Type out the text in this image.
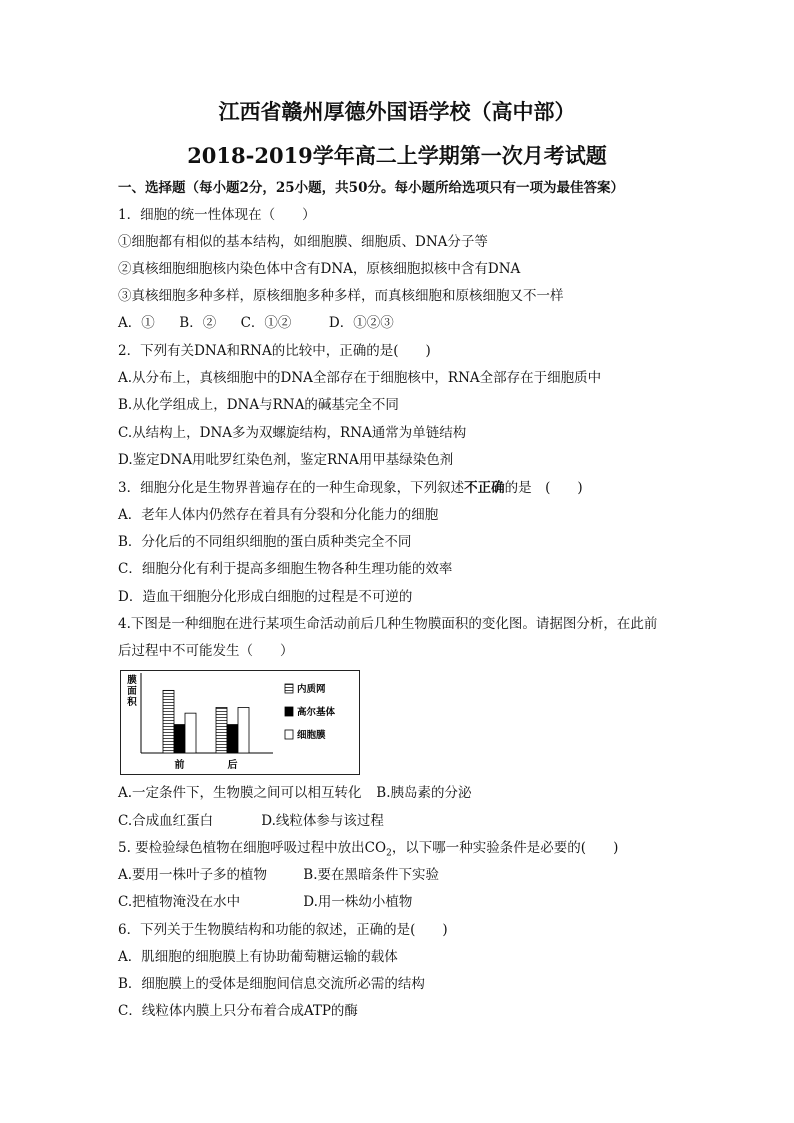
江西省赣州厚德外国语学校（高中部）
2018-2019学年高二上学期第一次月考试题
一、选择题（每小题2分，25小题，共50分。每小题所给选项只有一项为最佳答案）
1．细胞的统一性体现在（　　）
①细胞都有相似的基本结构，如细胞膜、细胞质、DNA分子等
②真核细胞细胞核内染色体中含有DNA，原核细胞拟核中含有DNA
③真核细胞多种多样，原核细胞多种多样，而真核细胞和原核细胞又不一样
A．① B．② C．①②	D．①②③
2．下列有关DNA和RNA的比较中，正确的是(　　)
A.从分布上，真核细胞中的DNA全部存在于细胞核中，RNA全部存在于细胞质中
B.从化学组成上，DNA与RNA的碱基完全不同
C.从结构上，DNA多为双螺旋结构，RNA通常为单链结构
D.鉴定DNA用吡罗红染色剂，鉴定RNA用甲基绿染色剂
3．细胞分化是生物界普遍存在的一种生命现象，下列叙述不正确的是　(　　)
A．老年人体内仍然存在着具有分裂和分化能力的细胞
B．分化后的不同组织细胞的蛋白质种类完全不同
C．细胞分化有利于提高多细胞生物各种生理功能的效率
D．造血干细胞分化形成白细胞的过程是不可逆的
4.下图是一种细胞在进行某项生命活动前后几种生物膜面积的变化图。请据图分析，在此前
后过程中不可能发生（　　）
膜面积
前	后
内质网
高尔基体
细胞膜
A.一定条件下，生物膜之间可以相互转化 B.胰岛素的分泌
C.合成血红蛋白	D.线粒体参与该过程
5. 要检验绿色植物在细胞呼吸过程中放出$CO_2$，以下哪一种实验条件是必要的(　　)
A.要用一株叶子多的植物	B.要在黑暗条件下实验
C.把植物淹没在水中	D.用一株幼小植物
6．下列关于生物膜结构和功能的叙述，正确的是(　　)
A．肌细胞的细胞膜上有协助葡萄糖运输的载体
B．细胞膜上的受体是细胞间信息交流所必需的结构
C．线粒体内膜上只分布着合成ATP的酶
